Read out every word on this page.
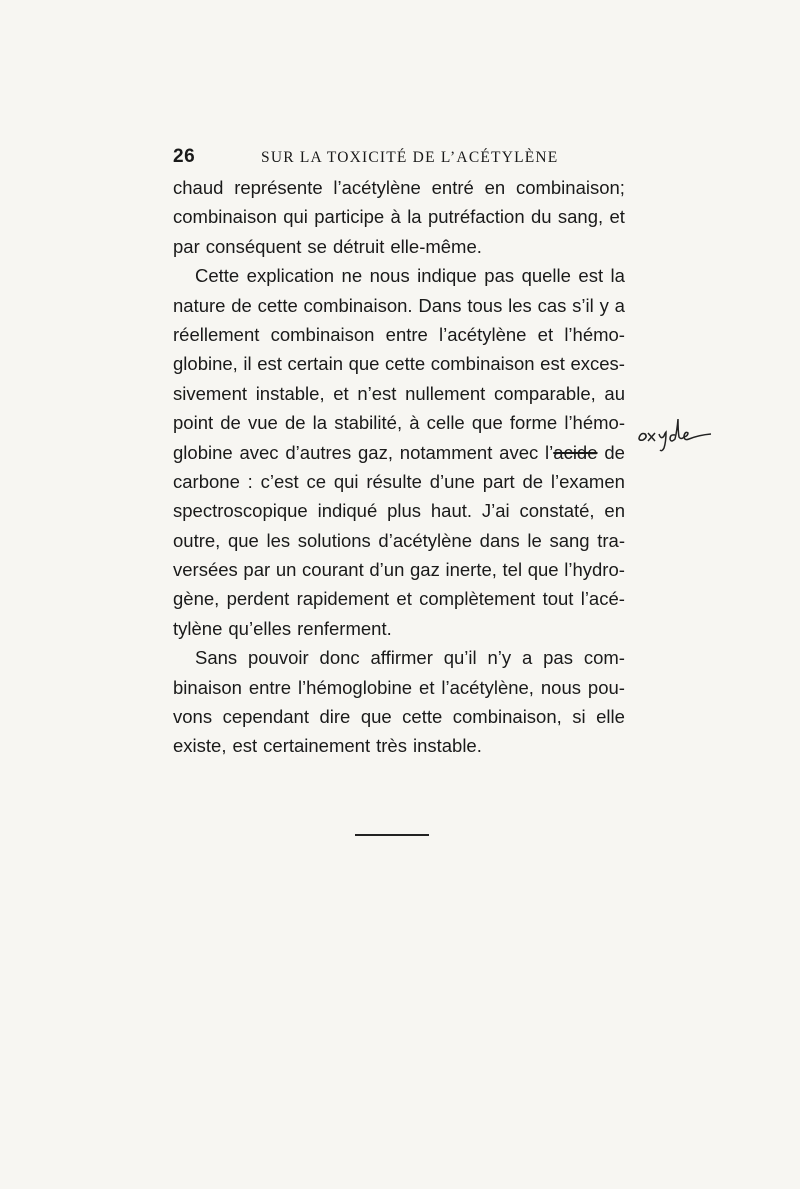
26	SUR LA TOXICITÉ DE L’ACÉTYLÈNE
chaud représente l’acétylène entré en combinaison;
combinaison qui participe à la putréfaction du sang, et
par conséquent se détruit elle-même.
Cette explication ne nous indique pas quelle est la
nature de cette combinaison. Dans tous les cas s’il y a
réellement combinaison entre l’acétylène et l’hémo-
globine, il est certain que cette combinaison est exces-
sivement instable, et n’est nullement comparable, au
point de vue de la stabilité, à celle que forme l’hémo-
globine avec d’autres gaz, notamment avec l’acide de
carbone : c’est ce qui résulte d’une part de l’examen
spectroscopique indiqué plus haut. J’ai constaté, en
outre, que les solutions d’acétylène dans le sang tra-
versées par un courant d’un gaz inerte, tel que l’hydro-
gène, perdent rapidement et complètement tout l’acé-
tylène qu’elles renferment.
Sans pouvoir donc affirmer qu’il n’y a pas com-
binaison entre l’hémoglobine et l’acétylène, nous pou-
vons cependant dire que cette combinaison, si elle
existe, est certainement très instable.
